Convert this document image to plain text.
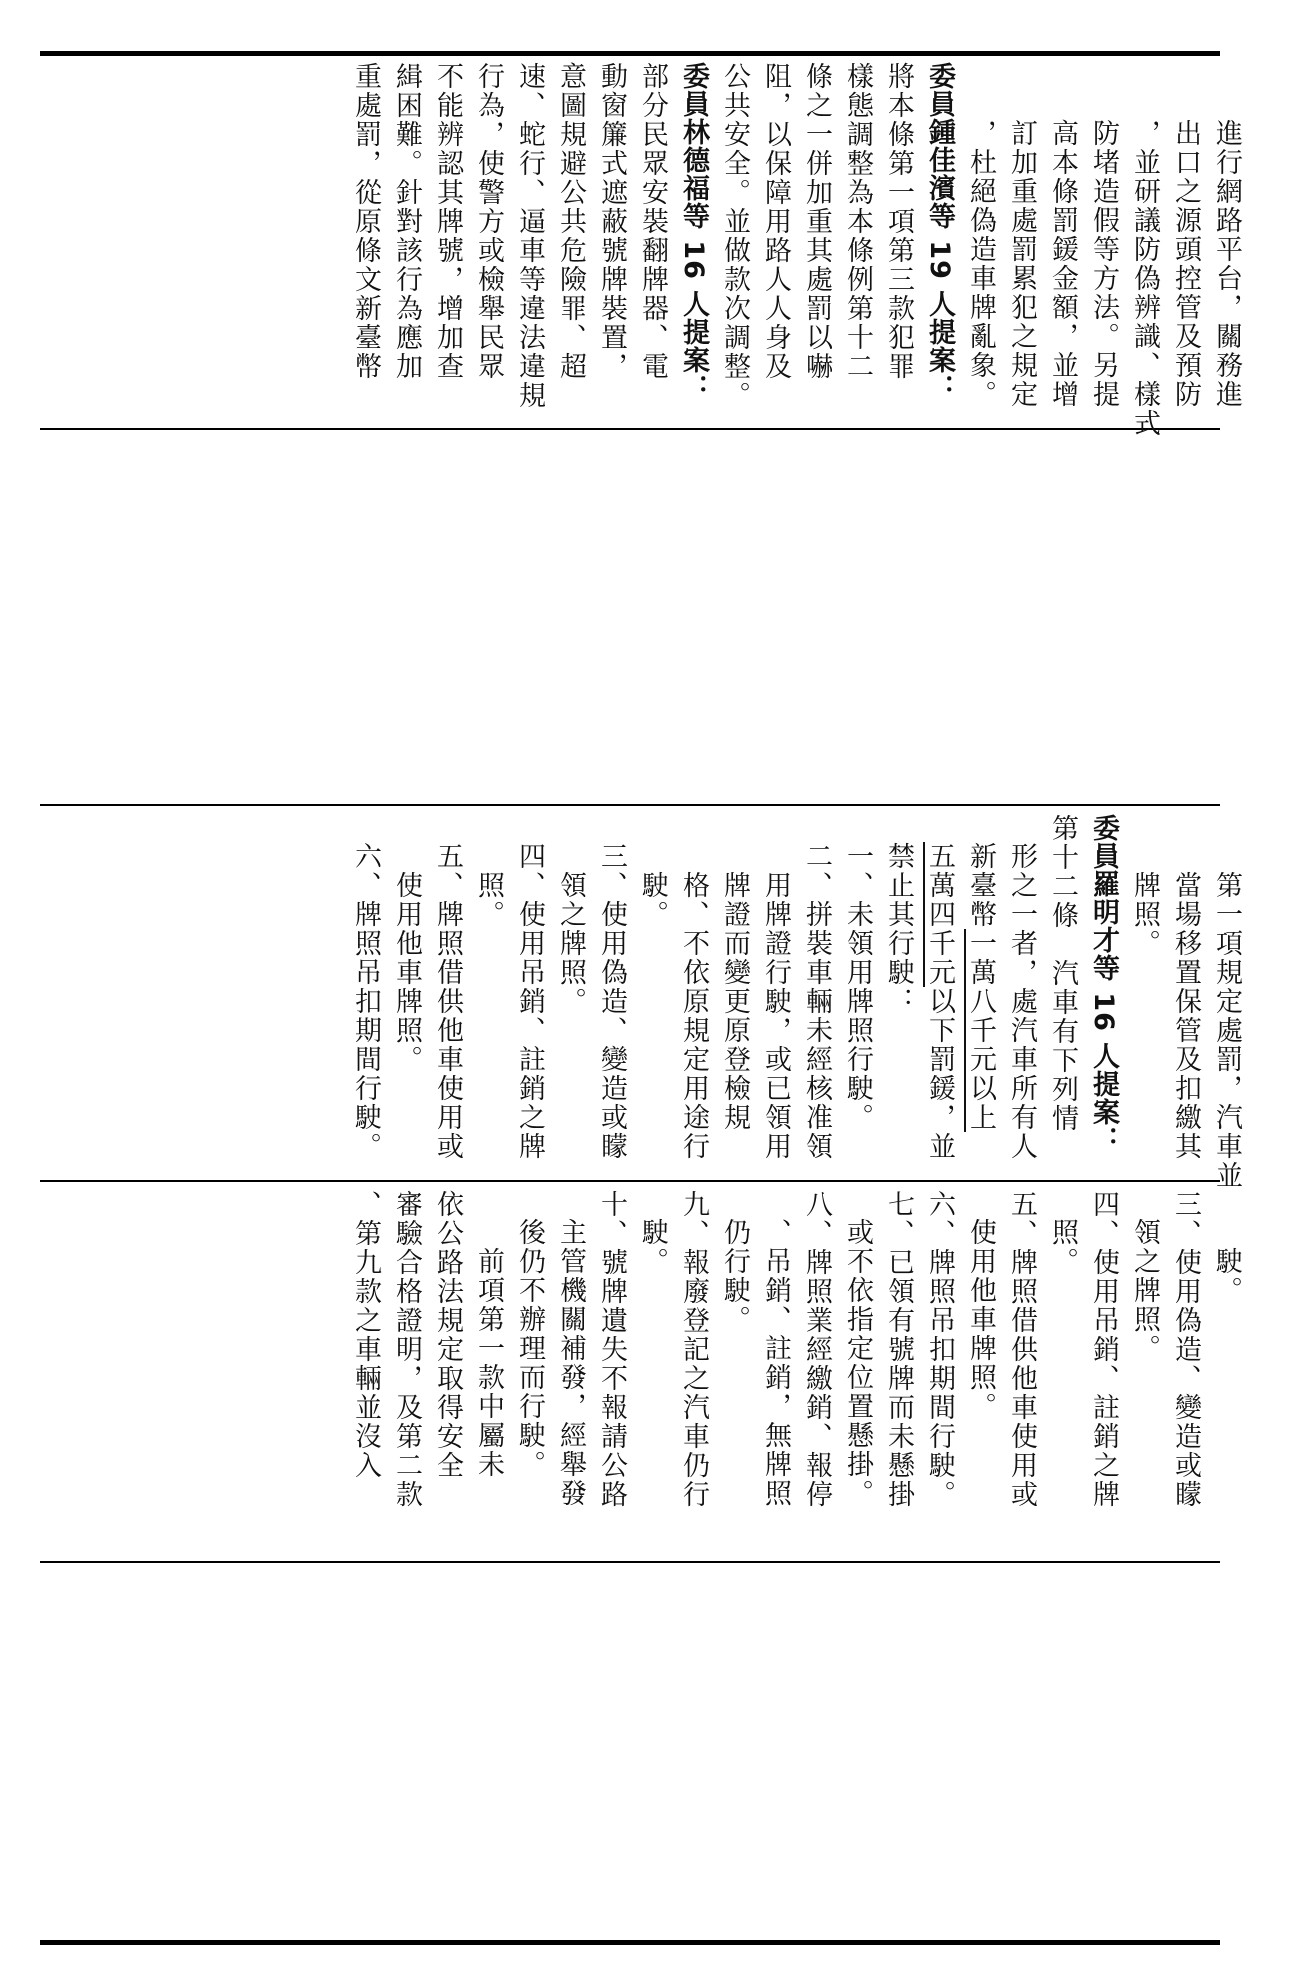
進行網路平台，關務進
出口之源頭控管及預防
，並研議防偽辨識、樣式
防堵造假等方法。另提
高本條罰鍰金額，並增
訂加重處罰累犯之規定
，杜絕偽造車牌亂象。
委員鍾佳濱等 19 人提案：
將本條第一項第三款犯罪
樣態調整為本條例第十二
條之一併加重其處罰以嚇
阻，以保障用路人人身及
公共安全。並做款次調整。
委員林德福等 16 人提案：
部分民眾安裝翻牌器、電
動窗簾式遮蔽號牌裝置，
意圖規避公共危險罪、超
速、蛇行、逼車等違法違規
行為，使警方或檢舉民眾
不能辨認其牌號，增加查
緝困難。針對該行為應加
重處罰，從原條文新臺幣
第一項規定處罰，汽車並
當場移置保管及扣繳其
牌照。
委員羅明才等 16 人提案：
第十二條　汽車有下列情
形之一者，處汽車所有人
新臺幣一萬八千元以上
五萬四千元以下罰鍰，並
禁止其行駛：
一、未領用牌照行駛。
二、拼裝車輛未經核准領
用牌證行駛，或已領用
牌證而變更原登檢規
格、不依原規定用途行
駛。
三、使用偽造、變造或矇
領之牌照。
四、使用吊銷、註銷之牌
照。
五、牌照借供他車使用或
使用他車牌照。
六、牌照吊扣期間行駛。
駛。
三、使用偽造、變造或矇
領之牌照。
四、使用吊銷、註銷之牌
照。
五、牌照借供他車使用或
使用他車牌照。
六、牌照吊扣期間行駛。
七、已領有號牌而未懸掛
或不依指定位置懸掛。
八、牌照業經繳銷、報停
、吊銷、註銷，無牌照
仍行駛。
九、報廢登記之汽車仍行
駛。
十、號牌遺失不報請公路
主管機關補發，經舉發
後仍不辦理而行駛。
前項第一款中屬未
依公路法規定取得安全
審驗合格證明，及第二款
、第九款之車輛並沒入
